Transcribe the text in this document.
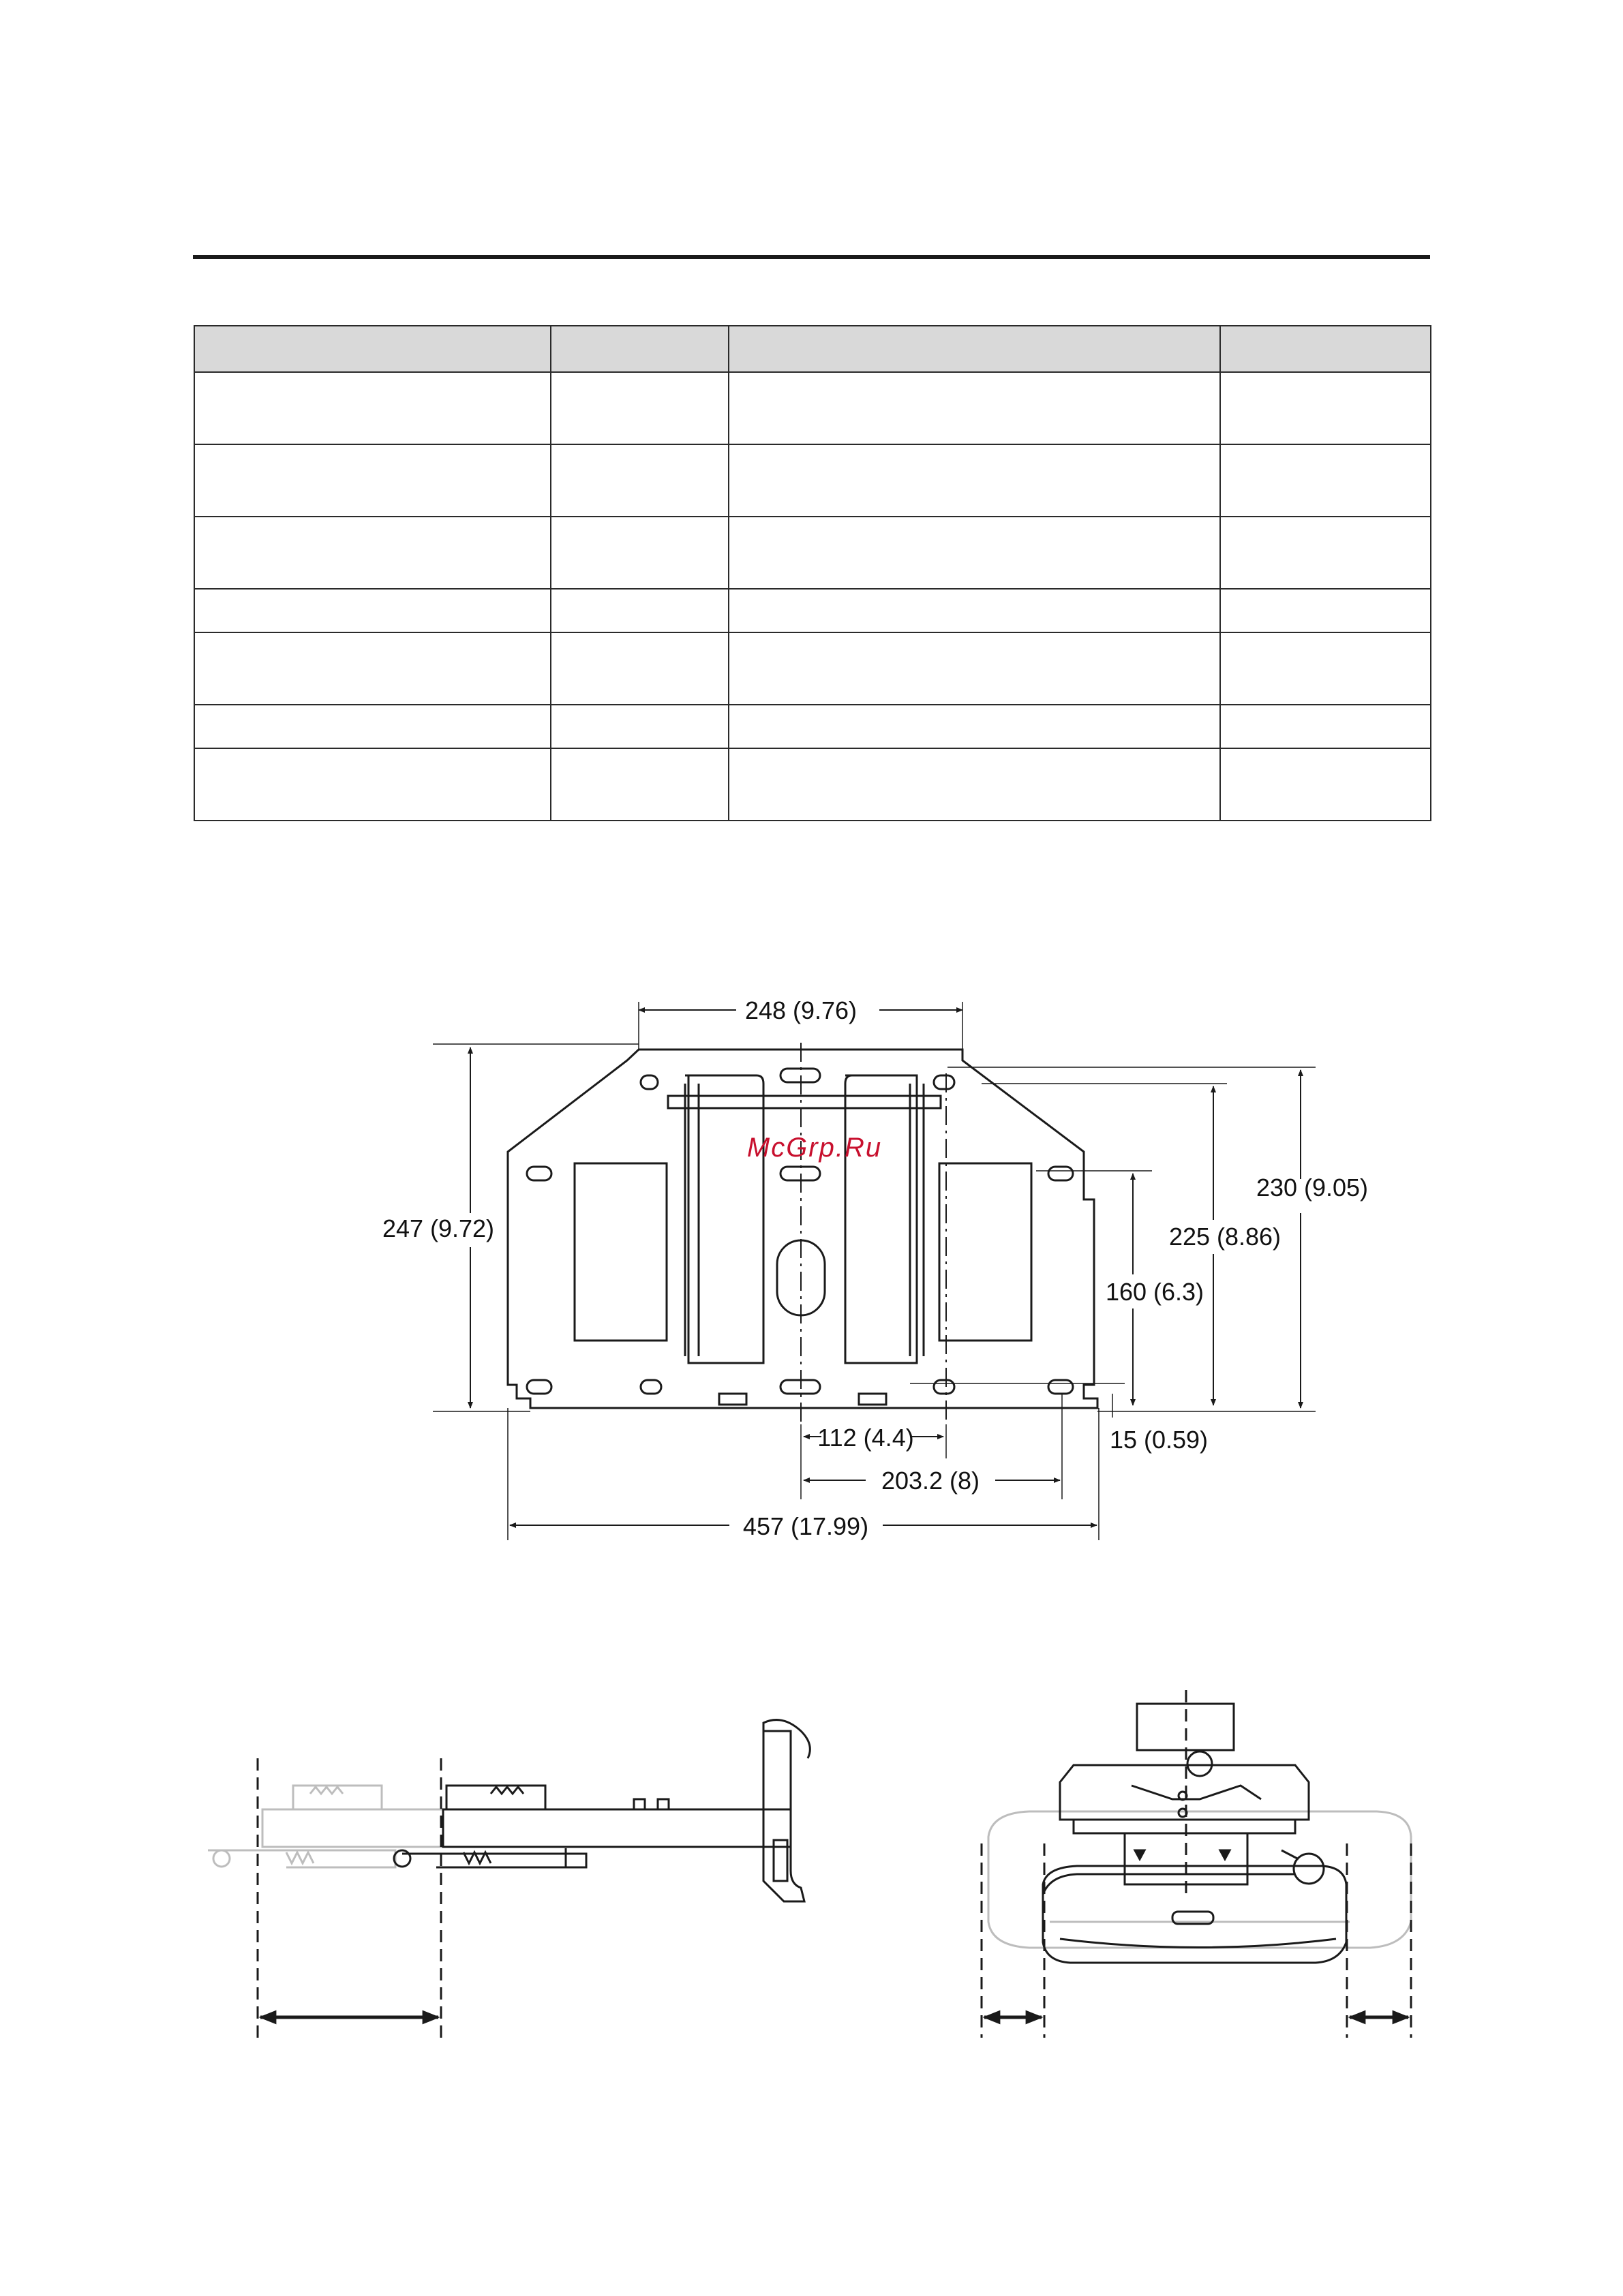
248 (9.76)
247 (9.72)
230 (9.05)
225 (8.86)
160 (6.3)
112 (4.4)	15 (0.59)
203.2 (8)
457 (17.99)
McGrp.Ru
